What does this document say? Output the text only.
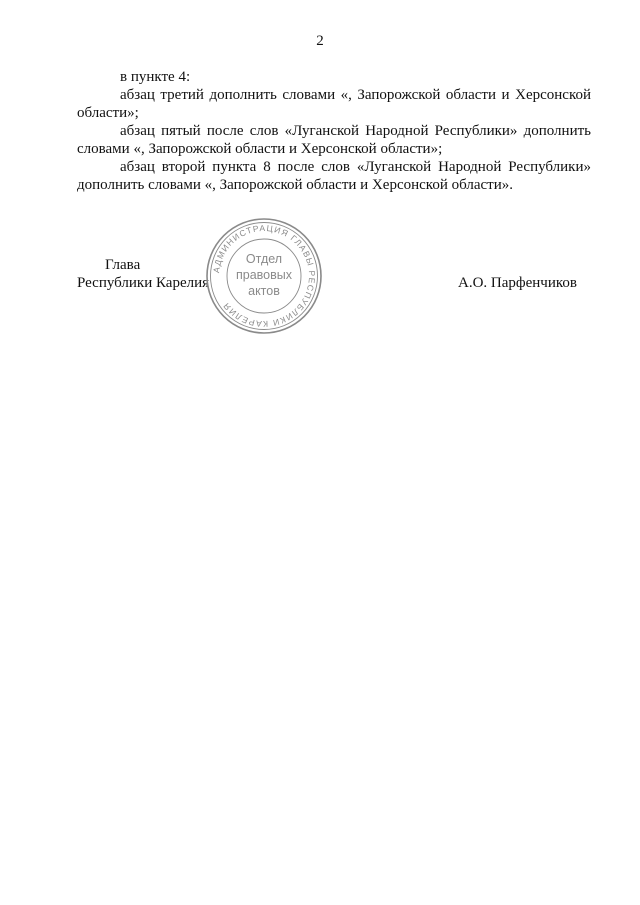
2

в пункте 4:

абзац третий дополнить словами «, Запорожской области и Херсонской области»;

абзац пятый после слов «Луганской Народной Республики» дополнить словами «, Запорожской области и Херсонской области»;

абзац второй пункта 8 после слов «Луганской Народной Республики» дополнить словами «, Запорожской области и Херсонской области».

Глава
Республики Карелия	А.О. Парфенчиков
АДМИНИСТРАЦИЯ ГЛАВЫ РЕСПУБЛИКИ КАРЕЛИЯ
Отдел
правовых
актов
